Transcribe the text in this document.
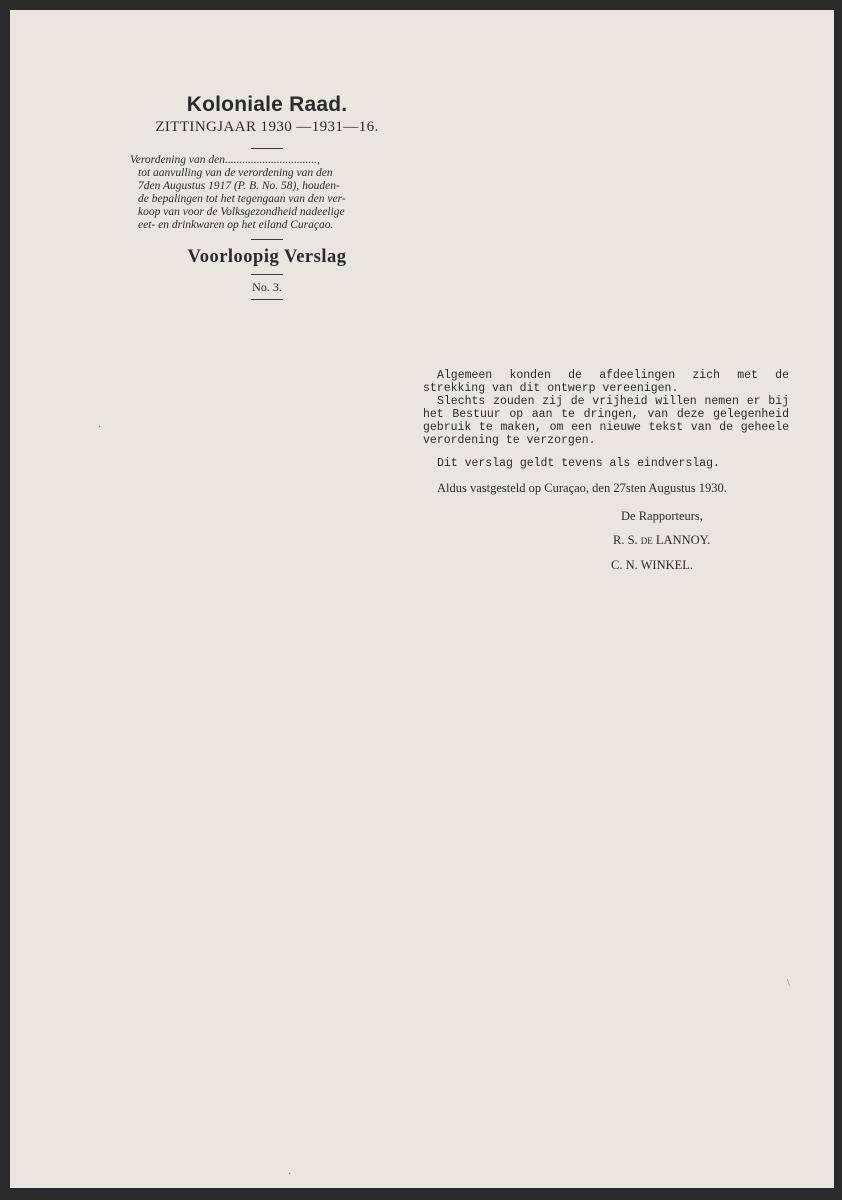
Koloniale Raad.
ZITTINGJAAR 1930 —1931—16.
Verordening van den................................,
tot aanvulling van de verordening van den
7den Augustus 1917 (P. B. No. 58), houden-
de bepalingen tot het tegengaan van den ver-
koop van voor de Volksgezondheid nadeelige
eet- en drinkwaren op het eiland Curaçao.
Voorloopig Verslag
No. 3.

Algemeen konden de afdeelingen zich met de strekking van dit ontwerp vereenigen.

Slechts zouden zij de vrijheid willen nemen er bij het Bestuur op aan te dringen, van deze gelegenheid gebruik te maken, om een nieuwe tekst van de geheele verordening te verzorgen.

Dit verslag geldt tevens als eindverslag.

Aldus vastgesteld op Curaçao, den 27sten Augustus 1930.

De Rapporteurs,
R. S. de LANNOY.
C. N. WINKEL.
·
\
·
